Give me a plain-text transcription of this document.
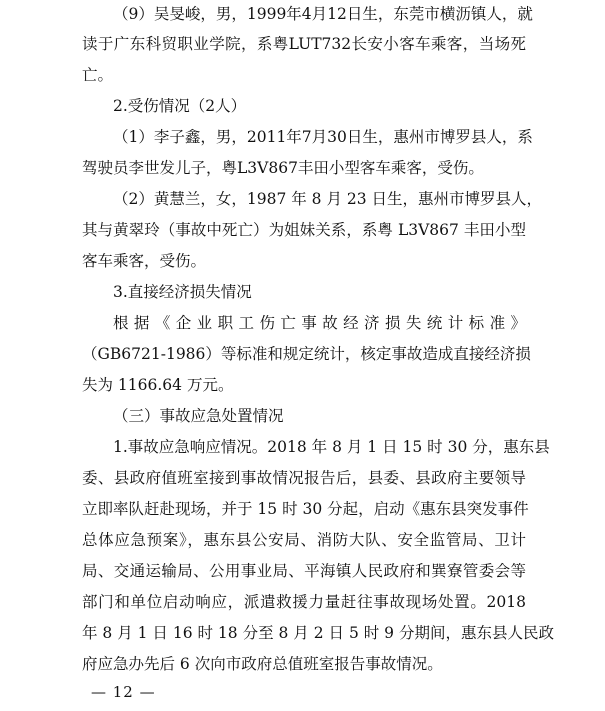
（9）吴旻峻，男，1999年4月12日生，东莞市横沥镇人，就
读于广东科贸职业学院，系粤LUT732长安小客车乘客，当场死
亡。
2.受伤情况（2人）
（1）李子鑫，男，2011年7月30日生，惠州市博罗县人，系
驾驶员李世发儿子，粤L3V867丰田小型客车乘客，受伤。
（2）黄慧兰，女，1987 年 8 月 23 日生，惠州市博罗县人，
其与黄翠玲（事故中死亡）为姐妹关系，系粤 L3V867 丰田小型
客车乘客，受伤。
3.直接经济损失情况
根据《企业职工伤亡事故经济损失统计标准》
（GB6721-1986）等标准和规定统计，核定事故造成直接经济损
失为 1166.64 万元。
（三）事故应急处置情况
1.事故应急响应情况。2018 年 8 月 1 日 15 时 30 分，惠东县
委、县政府值班室接到事故情况报告后，县委、县政府主要领导
立即率队赶赴现场，并于 15 时 30 分起，启动《惠东县突发事件
总体应急预案》，惠东县公安局、消防大队、安全监管局、卫计
局、交通运输局、公用事业局、平海镇人民政府和巽寮管委会等
部门和单位启动响应，派遣救援力量赶往事故现场处置。2018
年 8 月 1 日 16 时 18 分至 8 月 2 日 5 时 9 分期间，惠东县人民政
— 12 —
府应急办先后 6 次向市政府总值班室报告事故情况。
